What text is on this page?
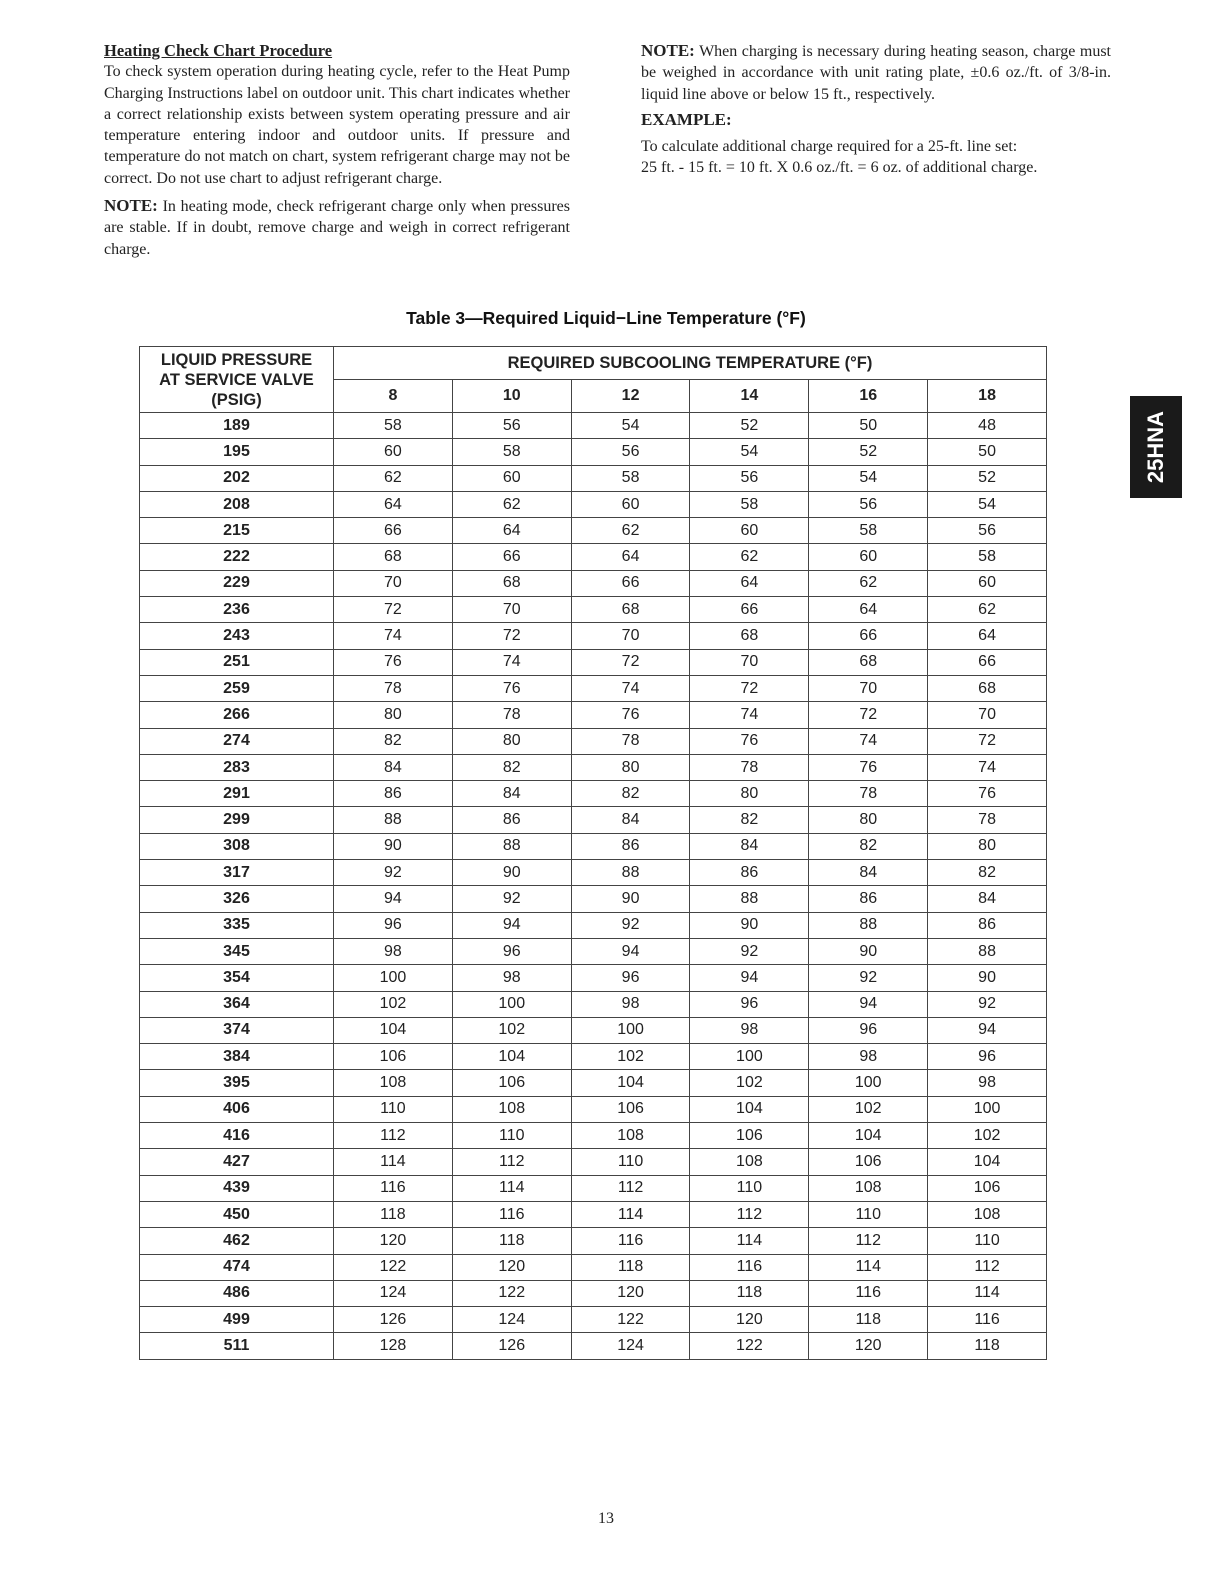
Heating Check Chart Procedure

To check system operation during heating cycle, refer to the Heat Pump Charging Instructions label on outdoor unit. This chart indicates whether a correct relationship exists between system operating pressure and air temperature entering indoor and outdoor units. If pressure and temperature do not match on chart, system refrigerant charge may not be correct. Do not use chart to adjust refrigerant charge.

NOTE: In heating mode, check refrigerant charge only when pressures are stable. If in doubt, remove charge and weigh in correct refrigerant charge.

NOTE: When charging is necessary during heating season, charge must be weighed in accordance with unit rating plate, ±0.6 oz./ft. of 3/8-in. liquid line above or below 15 ft., respectively.

EXAMPLE:

To calculate additional charge required for a 25-ft. line set:

25 ft. - 15 ft. = 10 ft. X 0.6 oz./ft. = 6 oz. of additional charge.

Table 3—Required Liquid−Line Temperature (°F)
LIQUID PRESSURE
AT SERVICE VALVE
(PSIG)	REQUIRED SUBCOOLING TEMPERATURE (°F)					
	8	10	12	14	16	18
189	58	56	54	52	50	48
195	60	58	56	54	52	50
202	62	60	58	56	54	52
208	64	62	60	58	56	54
215	66	64	62	60	58	56
222	68	66	64	62	60	58
229	70	68	66	64	62	60
236	72	70	68	66	64	62
243	74	72	70	68	66	64
251	76	74	72	70	68	66
259	78	76	74	72	70	68
266	80	78	76	74	72	70
274	82	80	78	76	74	72
283	84	82	80	78	76	74
291	86	84	82	80	78	76
299	88	86	84	82	80	78
308	90	88	86	84	82	80
317	92	90	88	86	84	82
326	94	92	90	88	86	84
335	96	94	92	90	88	86
345	98	96	94	92	90	88
354	100	98	96	94	92	90
364	102	100	98	96	94	92
374	104	102	100	98	96	94
384	106	104	102	100	98	96
395	108	106	104	102	100	98
406	110	108	106	104	102	100
416	112	110	108	106	104	102
427	114	112	110	108	106	104
439	116	114	112	110	108	106
450	118	116	114	112	110	108
462	120	118	116	114	112	110
474	122	120	118	116	114	112
486	124	122	120	118	116	114
499	126	124	122	120	118	116
511	128	126	124	122	120	118
25HNA
13
